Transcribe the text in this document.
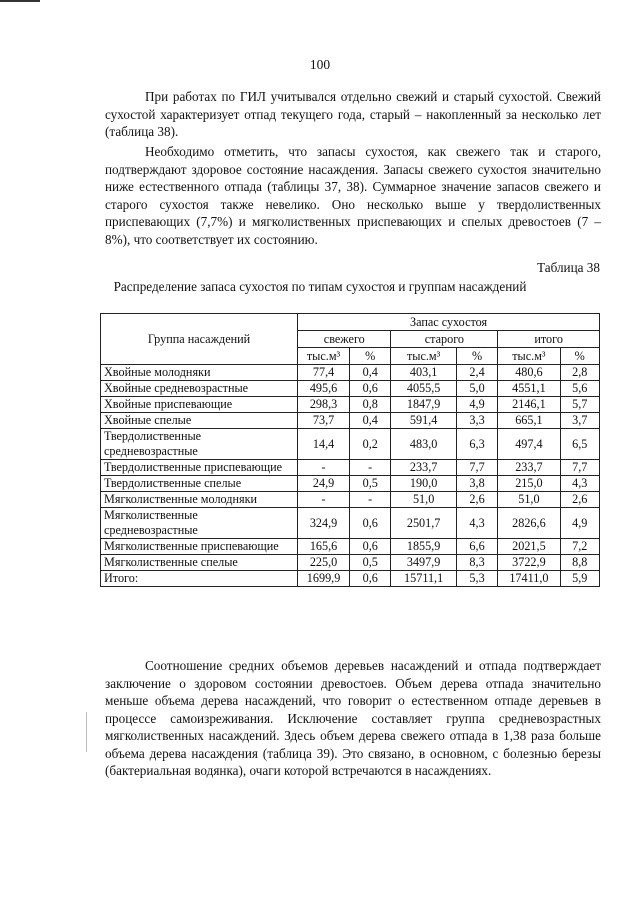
100

При работах по ГИЛ учитывался отдельно свежий и старый сухостой. Свежий сухостой характеризует отпад текущего года, старый – накопленный за несколько лет (таблица 38).

Необходимо отметить, что запасы сухостоя, как свежего так и старого, подтверждают здоровое состояние насаждения. Запасы свежего сухостоя значительно ниже естественного отпада (таблицы 37, 38). Суммарное значение запасов свежего и старого сухостоя также невелико. Оно несколько выше у твердолиственных приспевающих (7,7%) и мягколиственных приспевающих и спелых древостоев (7 – 8%), что соответствует их состоянию.

Таблица 38
Распределение запаса сухостоя по типам сухостоя и группам насаждений
Группа насаждений	Запас сухостоя					
	свежего		старого		итого	
	тыс.м³	%	тыс.м³	%	тыс.м³	%
Хвойные молодняки	77,4	0,4	403,1	2,4	480,6	2,8
Хвойные средневозрастные	495,6	0,6	4055,5	5,0	4551,1	5,6
Хвойные приспевающие	298,3	0,8	1847,9	4,9	2146,1	5,7
Хвойные спелые	73,7	0,4	591,4	3,3	665,1	3,7
Твердолиственные средневозрастные	14,4	0,2	483,0	6,3	497,4	6,5
Твердолиственные приспевающие	-	-	233,7	7,7	233,7	7,7
Твердолиственные спелые	24,9	0,5	190,0	3,8	215,0	4,3
Мягколиственные молодняки	-	-	51,0	2,6	51,0	2,6
Мягколиственные средневозрастные	324,9	0,6	2501,7	4,3	2826,6	4,9
Мягколиственные приспевающие	165,6	0,6	1855,9	6,6	2021,5	7,2
Мягколиственные спелые	225,0	0,5	3497,9	8,3	3722,9	8,8
Итого:	1699,9	0,6	15711,1	5,3	17411,0	5,9

Соотношение средних объемов деревьев насаждений и отпада подтверждает заключение о здоровом состоянии древостоев. Объем дерева отпада значительно меньше объема дерева насаждений, что говорит о естественном отпаде деревьев в процессе самоизреживания. Исключение составляет группа средневозрастных мягколиственных насаждений. Здесь объем дерева свежего отпада в 1,38 раза больше объема дерева насаждения (таблица 39). Это связано, в основном, с болезнью березы (бактериальная водянка), очаги которой встречаются в насаждениях.
